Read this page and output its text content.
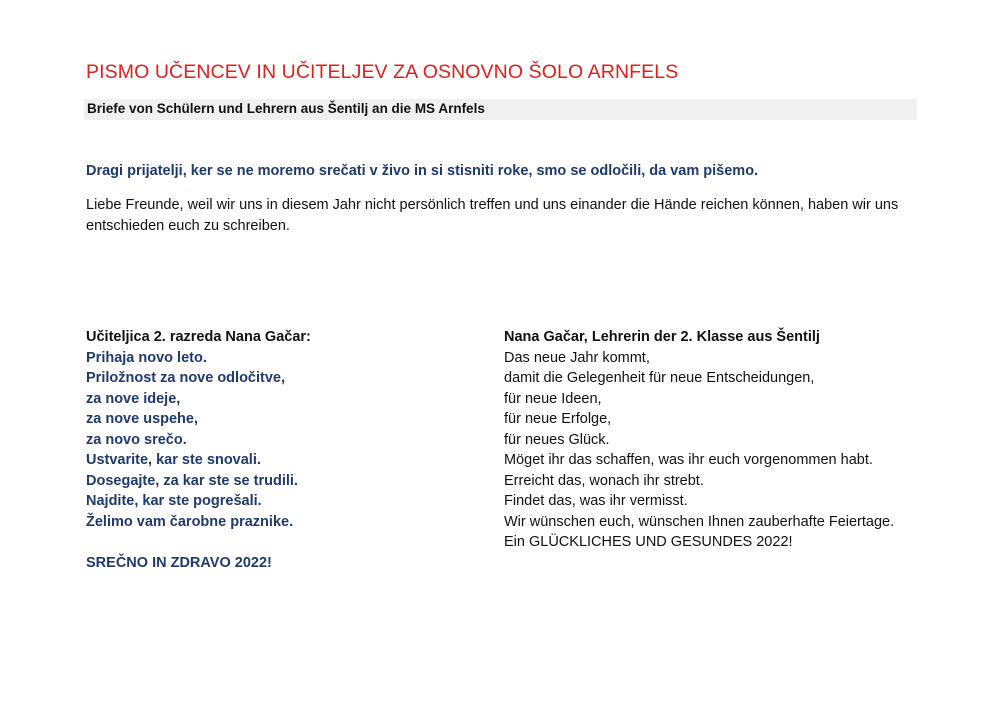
PISMO UČENCEV IN UČITELJEV ZA OSNOVNO ŠOLO ARNFELS
Briefe von Schülern und Lehrern aus Šentilj an die MS Arnfels
Dragi prijatelji, ker se ne moremo srečati v živo in si stisniti roke, smo se odločili, da vam pišemo.
Liebe Freunde, weil wir uns in diesem Jahr nicht persönlich treffen und uns einander die Hände reichen können, haben wir uns entschieden euch zu schreiben.
Učiteljica 2. razreda Nana Gačar:
Prihaja novo leto.
Priložnost za nove odločitve,
za nove ideje,
za nove uspehe,
za novo srečo.
Ustvarite, kar ste snovali.
Dosegajte, za kar ste se trudili.
Najdite, kar ste pogrešali.
Želimo vam čarobne praznike.
SREČNO IN ZDRAVO 2022!
Nana Gačar, Lehrerin der 2. Klasse aus Šentilj
Das neue Jahr kommt,
damit die Gelegenheit für neue Entscheidungen,
für neue Ideen,
für neue Erfolge,
für neues Glück.
Möget ihr das schaffen, was ihr euch vorgenommen habt.
Erreicht das, wonach ihr strebt.
Findet das, was ihr vermisst.
Wir wünschen euch, wünschen Ihnen zauberhafte Feiertage.
Ein GLÜCKLICHES UND GESUNDES 2022!
